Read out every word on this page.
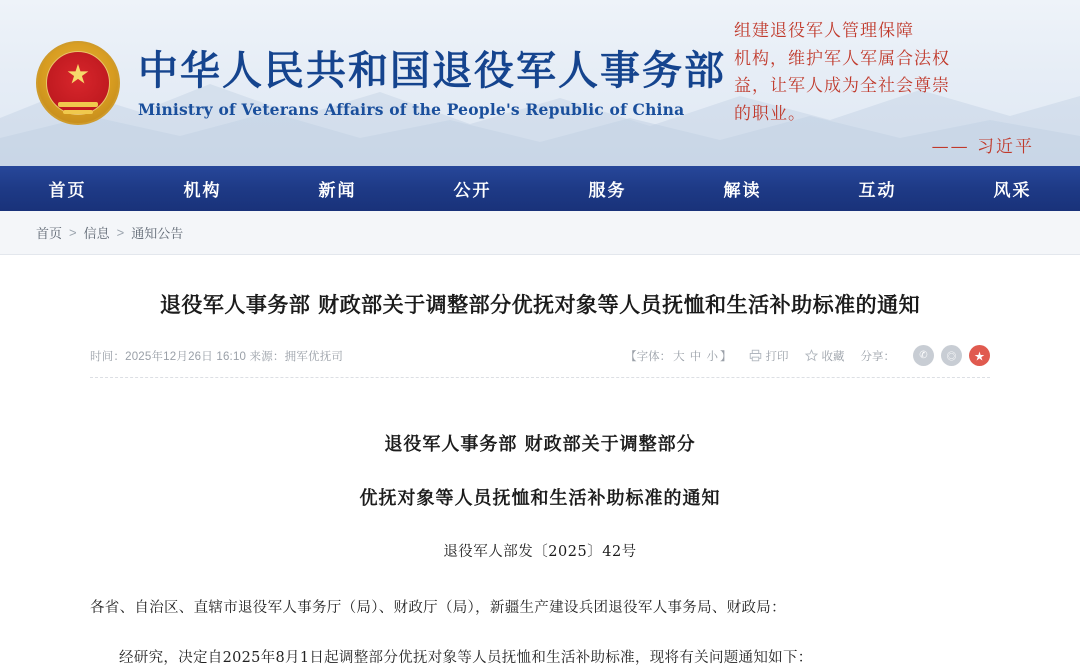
★ 中华人民共和国退役军人事务部
Ministry of Veterans Affairs of the People's Republic of China
组建退役军人管理保障
机构，维护军人军属合法权
益，让军人成为全社会尊崇
的职业。
—— 习近平
首页	机构	新闻	公开	服务	解读	互动	风采
首页 > 信息 > 通知公告
退役军人事务部 财政部关于调整部分优抚对象等人员抚恤和生活补助标准的通知
时间：2025年12月26日 16:10 来源：拥军优抚司	【字体： 大 中 小 】	打印	收藏 分享：	✆	◎	★
退役军人事务部 财政部关于调整部分
优抚对象等人员抚恤和生活补助标准的通知
退役军人部发〔2025〕42号

各省、自治区、直辖市退役军人事务厅（局）、财政厅（局），新疆生产建设兵团退役军人事务局、财政局：

经研究，决定自2025年8月1日起调整部分优抚对象等人员抚恤和生活补助标准，现将有关问题通知如下：
